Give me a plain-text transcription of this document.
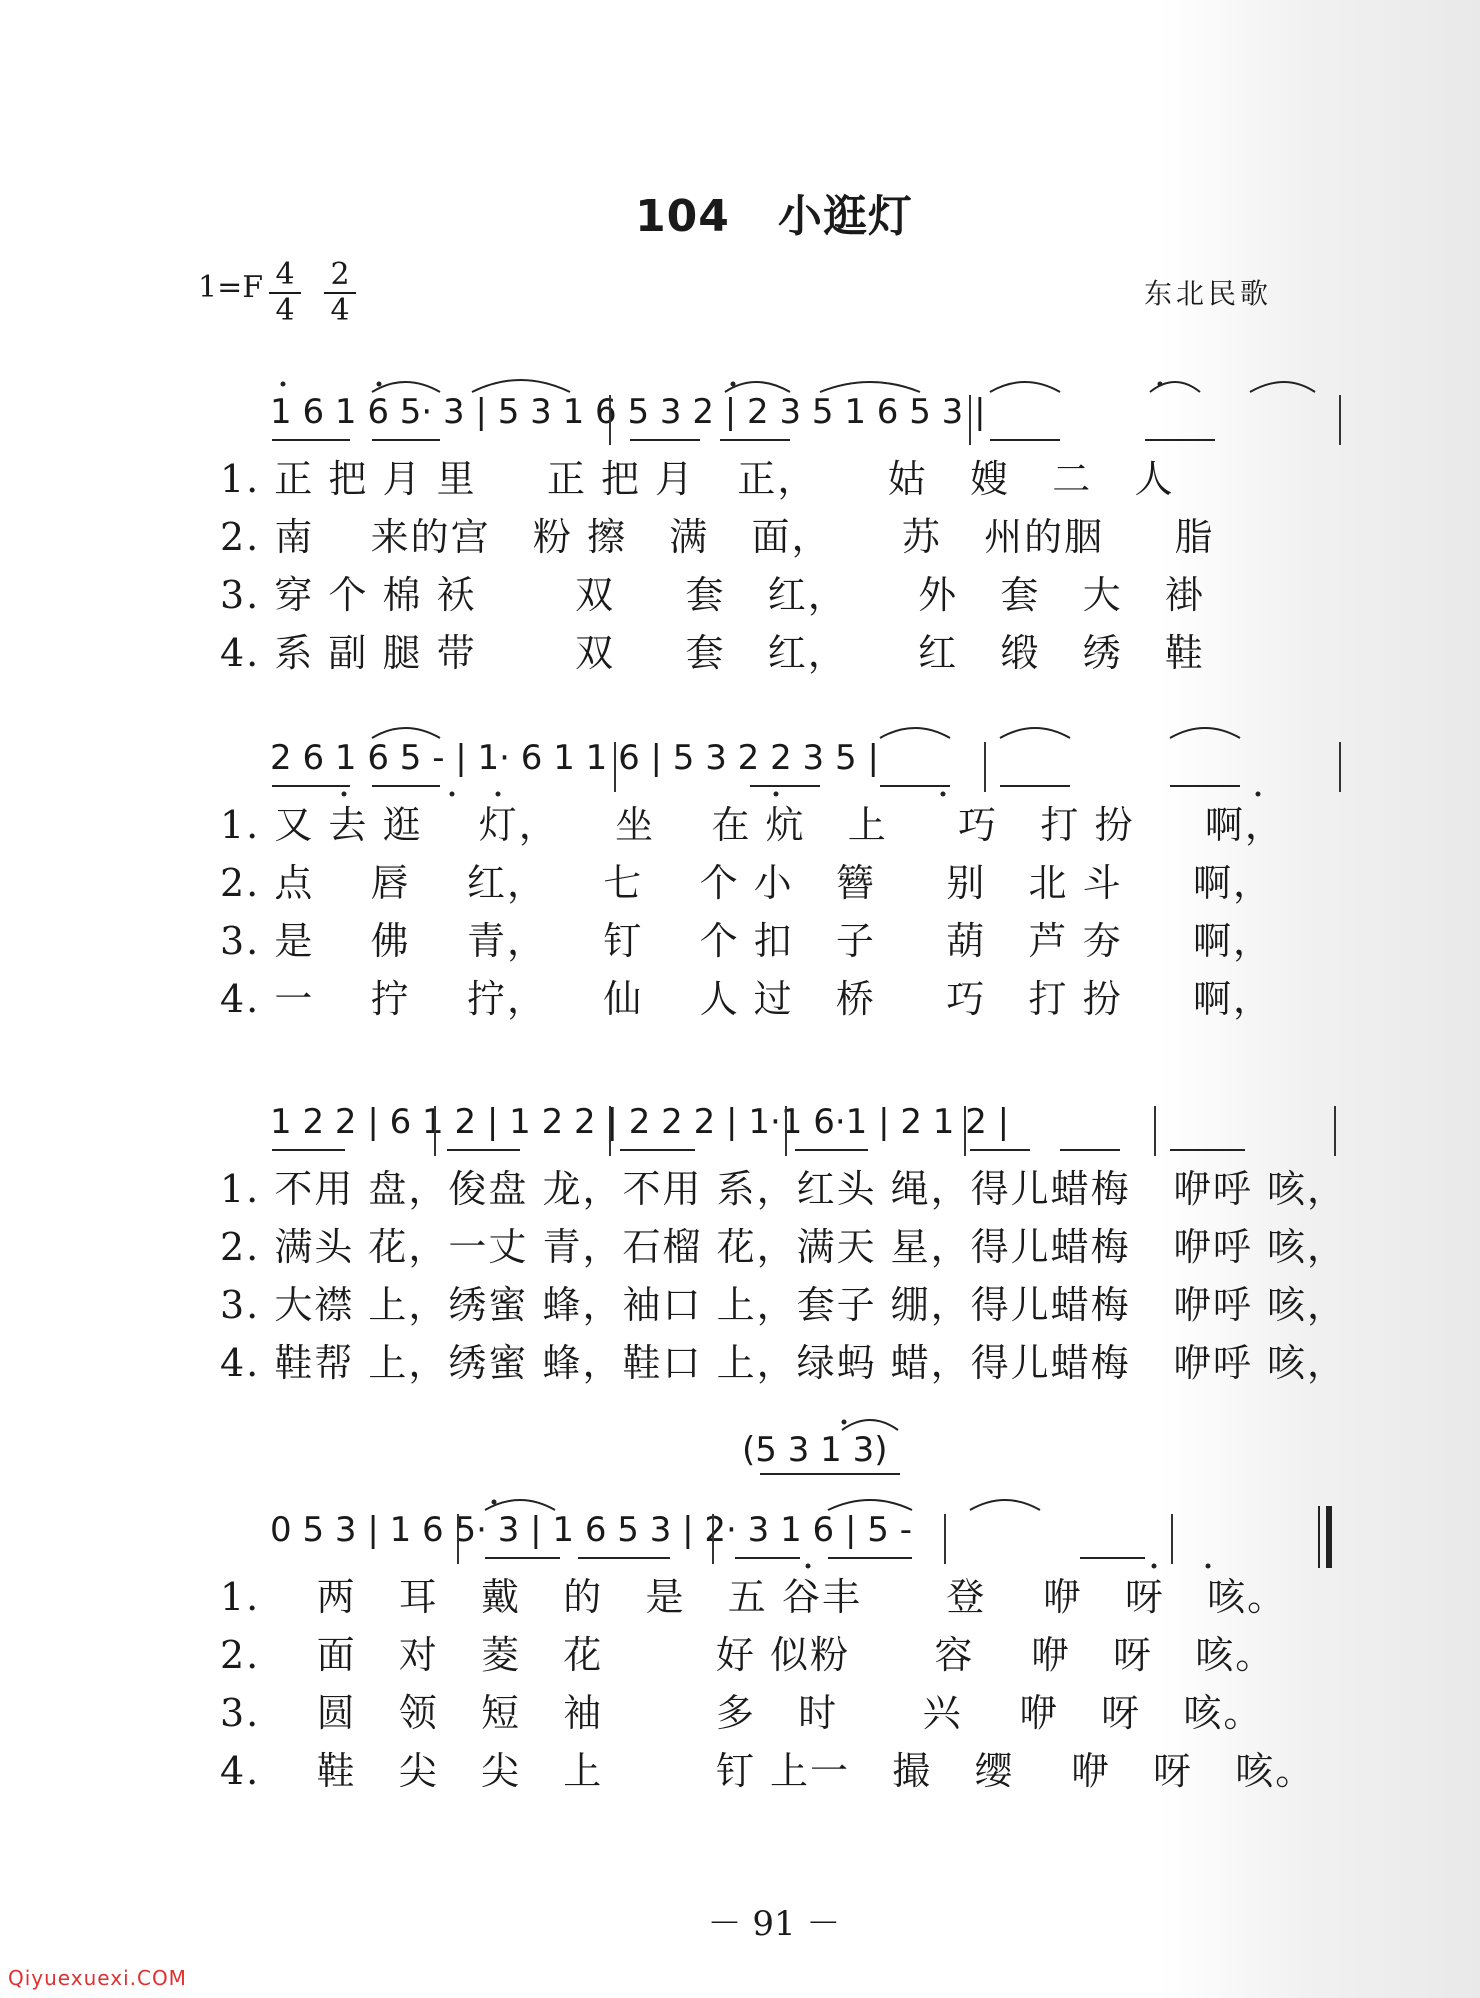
104 小逛灯
1=F 4
4
2
4	东北民歌
1 6 1 6 5· 3 | 5 3 1 6 5 3 2 | 2 3 5 1 6 5 3 |
1. 正 把 月 里     正 把 月   正，     姑   嫂   二   人
2. 南    来的宫   粉 擦   满   面，     苏   州的胭     脂
3. 穿 个 棉 袄       双     套   红，     外   套   大   褂
4. 系 副 腿 带       双     套   红，     红   缎   绣   鞋
2 6 1 6 5 - | 1· 6 1 1 6 | 5 3 2 2 3 5 |
1. 又 去 逛    灯，    坐    在 炕   上     巧   打 扮     啊，
2. 点    唇    红，    七    个 小   簪     别   北 斗     啊，
3. 是    佛    青，    钉    个 扣   子     葫   芦 夯     啊，
4. 一    拧    拧，    仙    人 过   桥     巧   打 扮     啊，
1 2 2 | 6 1 2 | 1 2 2 | 2 2 2 | 1·1 6·1 | 2 1 2 |
1. 不用 盘，俊盘 龙，不用 系，红头 绳，得儿蜡梅   咿呼 咳，
2. 满头 花，一丈 青，石榴 花，满天 星，得儿蜡梅   咿呼 咳，
3. 大襟 上，绣蜜 蜂，袖口 上，套子 绷，得儿蜡梅   咿呼 咳，
4. 鞋帮 上，绣蜜 蜂，鞋口 上，绿蚂 蜡，得儿蜡梅   咿呼 咳，
(5 3 1 3)
0 5 3 | 1 6 5· 3 | 1 6 5 3 | 2· 3 1 6 | 5 -
1.    两   耳   戴   的   是   五 谷丰      登    咿   呀   咳。
2.    面   对   菱   花        好 似粉      容    咿   呀   咳。
3.    圆   领   短   袖        多   时      兴    咿   呀   咳。
4.    鞋   尖   尖   上        钉 上一   撮   缨    咿   呀   咳。
－ 91 －
Qiyuexuexi.COM
